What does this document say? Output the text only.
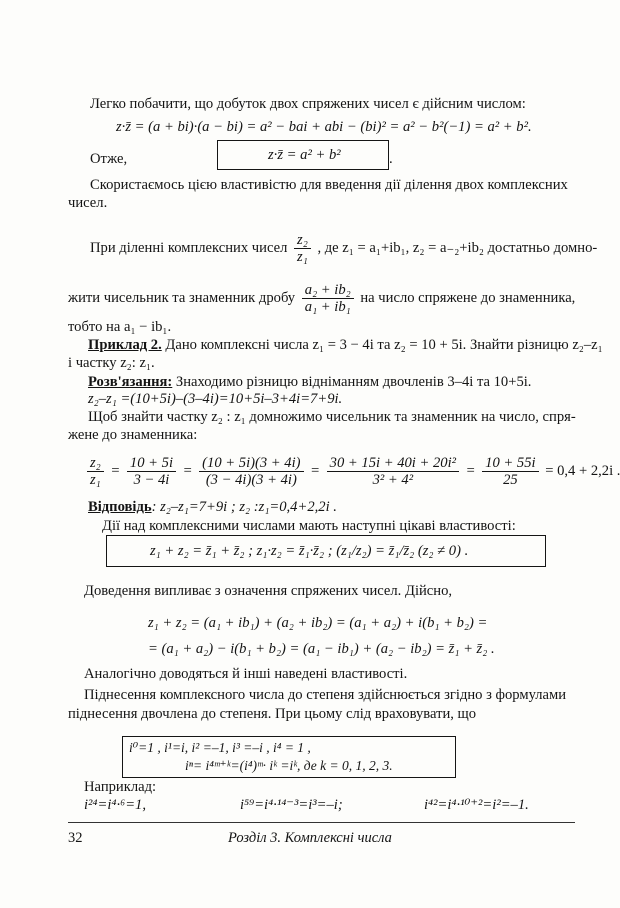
Легко побачити, що добуток двох спряжених чисел є дійсним числом:
z·z̄ = (a + bi)·(a − bi) = a² − bai + abi − (bi)² = a² − b²(−1) = a² + b².
Отже,	z·z̄ = a² + b²	.
Скористаємось цією властивістю для введення дії ділення двох комплексних
чисел.
При діленні комплексних чисел $\frac{\text{z₂}}{\text{z₁}}$ , де z₁ = a₁+ib₁, z₂ = a₋₂+ib₂ достатньо домно-
жити чисельник та знаменник дробу $\frac{\text{a₂ + ib₂}}{\text{a₁ + ib₁}}$ на число спряжене до знаменника,
тобто на a₁ − ib₁.
Приклад 2. Дано комплексні числа z₁ = 3 − 4i та z₂ = 10 + 5i. Знайти різницю z₂–z₁
і частку z₂: z₁.
Розв'язання: Знаходимо різницю відніманням двочленів 3–4i та 10+5i.
z₂–z₁ =(10+5i)–(3–4i)=10+5i–3+4i=7+9i.
Щоб знайти частку z₂ : z₁ домножимо чисельник та знаменник на число, спря-
жене до знаменника:
$\frac{\text{z₂}}{\text{z₁}} = \frac{10 + 5i}{3 - 4i} = \frac{(10 + 5i)(3 + 4i)}{(3 - 4i)(3 + 4i)} = \frac{\text{30 + 15i + 40i + 20i²}}{\text{3² + 4²}} = \frac{10 + 55i}{25} = 0,4 + 2,2i$ .
Відповідь: z₂–z₁=7+9i ; z₂ :z₁=0,4+2,2i .
Дії над комплексними числами мають наступні цікаві властивості:
z₁ + z₂ = z̄₁ + z̄₂ ; z₁·z₂ = z̄₁·z̄₂ ; (z₁/z₂) = z̄₁/z̄₂ (z₂ ≠ 0) .
Доведення випливає з означення спряжених чисел. Дійсно,
z₁ + z₂ = (a₁ + ib₁) + (a₂ + ib₂) = (a₁ + a₂) + i(b₁ + b₂) =
= (a₁ + a₂) − i(b₁ + b₂) = (a₁ − ib₁) + (a₂ − ib₂) = z̄₁ + z̄₂ .
Аналогічно доводяться й інші наведені властивості.
Піднесення комплексного числа до степеня здійснюється згідно з формулами
піднесення двочлена до степеня. При цьому слід враховувати, що
i⁰=1 , i¹=i, i² =–1, i³ =–i , i⁴ = 1 ,
iⁿ= i⁴ᵐ⁺ᵏ=(i⁴)ᵐ· iᵏ =iᵏ, де k = 0, 1, 2, 3.
Наприклад:
i²⁴=i⁴·⁶=1,	i⁵⁹=i⁴·¹⁴⁻³=i³=–i;	i⁴²=i⁴·¹⁰⁺²=i²=–1.
32	Розділ 3. Комплексні числа
